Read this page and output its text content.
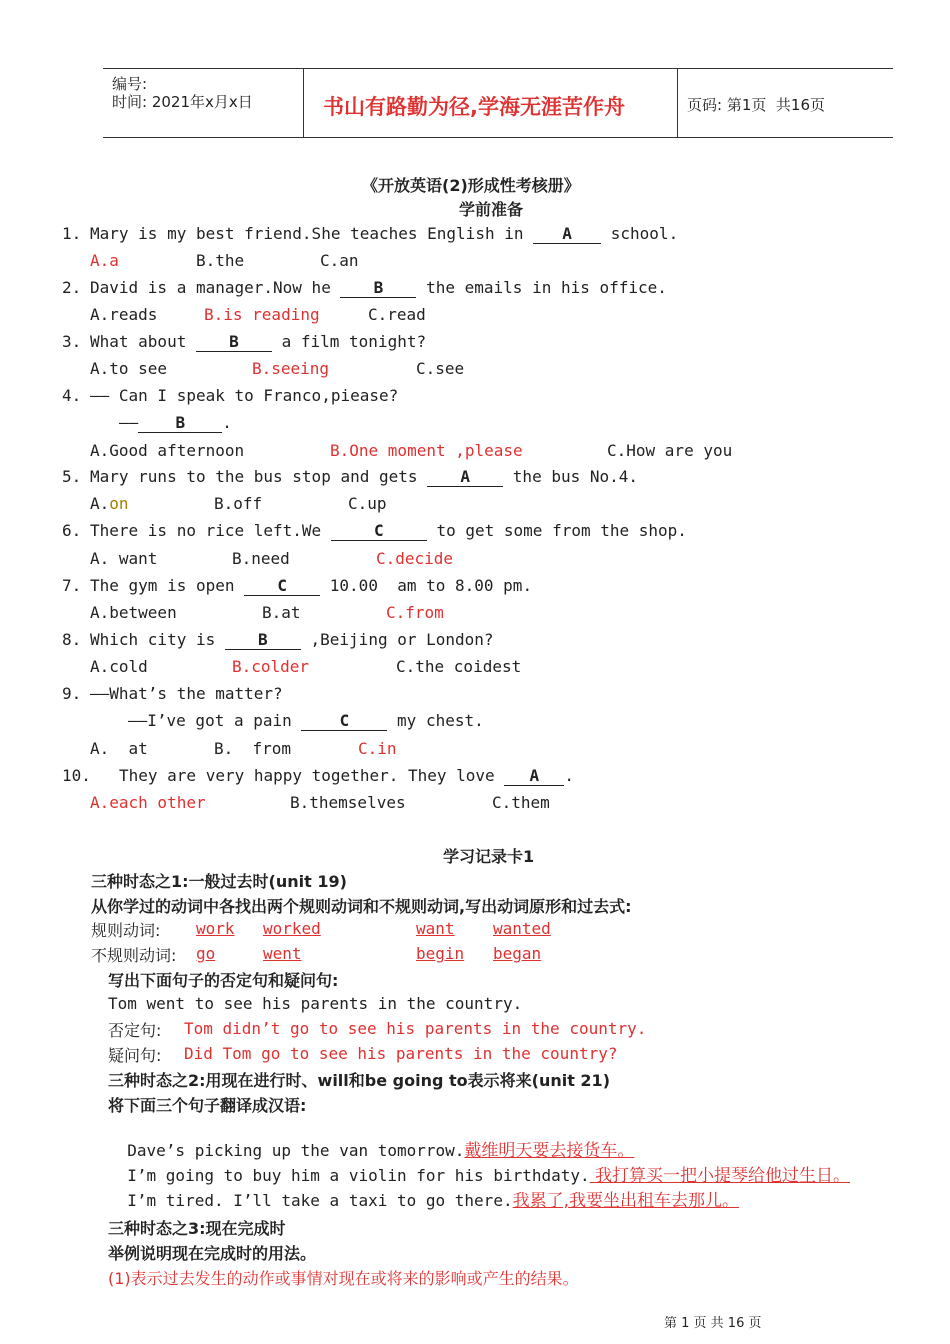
编号:
时间: 2021年x月x日	书山有路勤为径,学海无涯苦作舟	页码: 第1页  共16页
《开放英语(2)形成性考核册》
学前准备
1. Mary is my best friend.She teaches English in A school.
A.a	B.the	C.an
2. David is a manager.Now he	B	the emails in his office.
A.reads	B.is reading	C.read
3. What about	B	a film tonight?
A.to see	B.seeing	C.see
4. —— Can I speak to Franco,piease?
—— B .
A.Good afternoon	B.One moment ,please	C.How are you
5. Mary runs to the bus stop and gets	A	the bus No.4.
A.on	B.off	C.up
6. There is no rice left.We	C	to get some from the shop.
A. want	B.need	C.decide
7. The gym is open	C	10.00  am to 8.00 pm.
A.between	B.at	C.from
8. Which city is	B	,Beijing or London?
A.cold	B.colder	C.the coidest
9. ——What’s the matter?
——I’ve got a pain	C	my chest.
A.  at	B.  from	C.in
10. They are very happy together. They love A .
A.each other	B.themselves	C.them
学习记录卡1
三种时态之1:一般过去时(unit 19)
从你学过的动词中各找出两个规则动词和不规则动词,写出动词原形和过去式:
规则动词: work worked	want wanted
不规则动词: go	went	begin began
写出下面句子的否定句和疑问句:
Tom went to see his parents in the country.
否定句: Tom didn’t go to see his parents in the country.
疑问句: Did Tom go to see his parents in the country?
三种时态之2:用现在进行时、will和be going to表示将来(unit 21)
将下面三个句子翻译成汉语:

Dave’s picking up the van tomorrow.戴维明天要去接货车。

I’m going to buy him a violin for his birthdaty. 我打算买一把小提琴给他过生日。

I’m tired. I’ll take a taxi to go there.我累了,我要坐出租车去那儿。

三种时态之3:现在完成时
举例说明现在完成时的用法。
(1)表示过去发生的动作或事情对现在或将来的影响或产生的结果。
第 1 页 共 16 页
